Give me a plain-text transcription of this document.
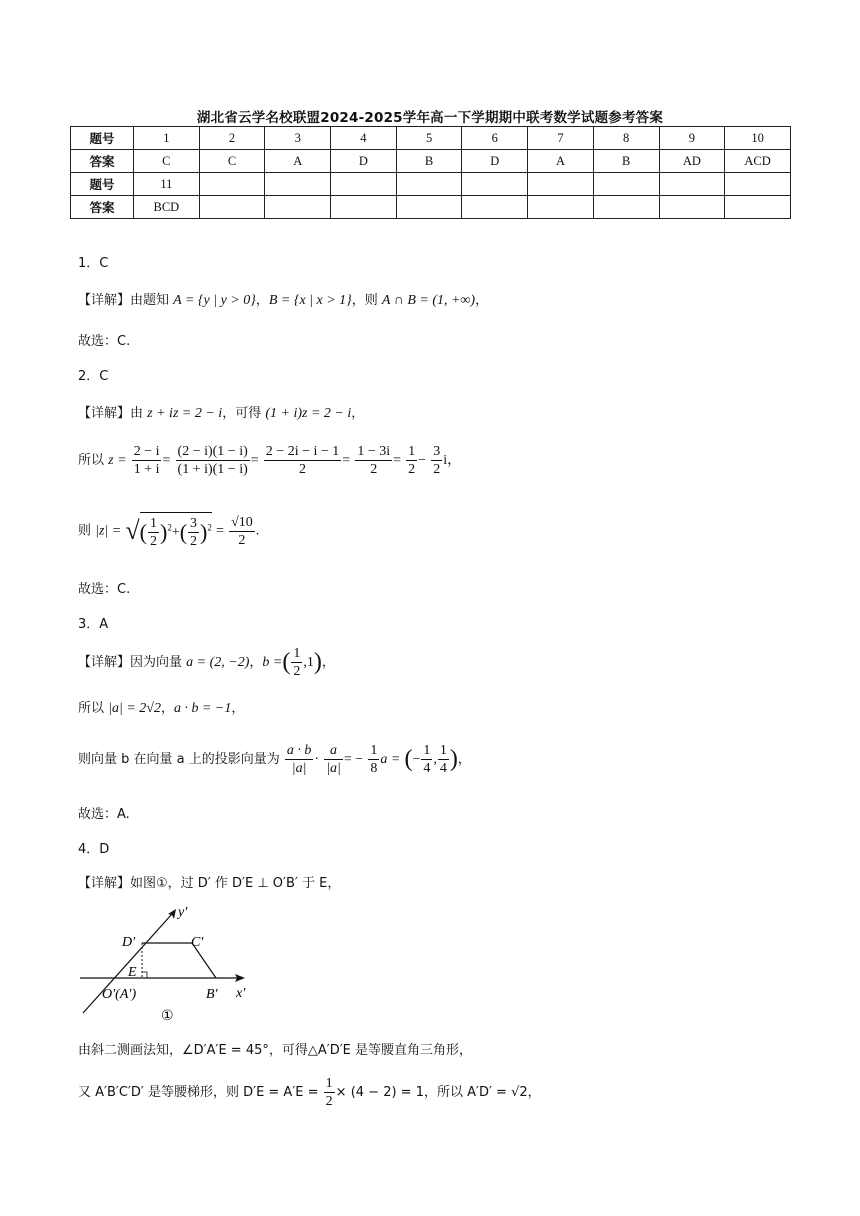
湖北省云学名校联盟2024-2025学年高一下学期期中联考数学试题参考答案
题号	1	2	3	4	5	6	7	8	9	10
答案	C	C	A	D	B	D	A	B	AD	ACD
题号	11									
答案	BCD									
1．C
【详解】由题知 A = {y | y > 0}，B = {x | x > 1}，则 A ∩ B = (1, +∞)，
故选：C.
2．C
【详解】由 z + iz = 2 − i，可得 (1 + i)z = 2 − i，
所以 $z = \frac{2 - i}{1 + i} = \frac{(2 - i)(1 - i)}{(1 + i)(1 - i)} = \frac{2 - 2i - i - 1}{2} = \frac{1 - 3i}{2} = \frac{1}{2} - \frac{3}{2}$ i，
则 |z| = √( $\frac{1}{2} )^2+( \frac{3}{2} )^2 = \frac{√10}{2}$ .
故选：C.
3．A
【详解】因为向量 a = (2, −2)，b =( $\frac{1}{2} ,1$)，
所以 |a| = 2√2，a · b = −1，
则向量 b 在向量 a 上的投影向量为 $\frac{a \cdot b}{|a|} \cdot \frac{a}{|a|}$ = − $\frac{1}{8}$ a = (− $\frac{1}{4}$ , $\frac{1}{4}$ )，
故选：A.
4．D
【详解】如图①，过 D′ 作 D′E ⊥ O′B′ 于 E，
y′
D′	C′
E
O′(A′)	B′ x′
①
由斜二测画法知，∠D′A′E = 45°，可得△A′D′E 是等腰直角三角形，
又 A′B′C′D′ 是等腰梯形，则 $D'E = A'E = \frac{1}{2} \times (4 - 2) = 1$，所以 A′D′ = √2，
